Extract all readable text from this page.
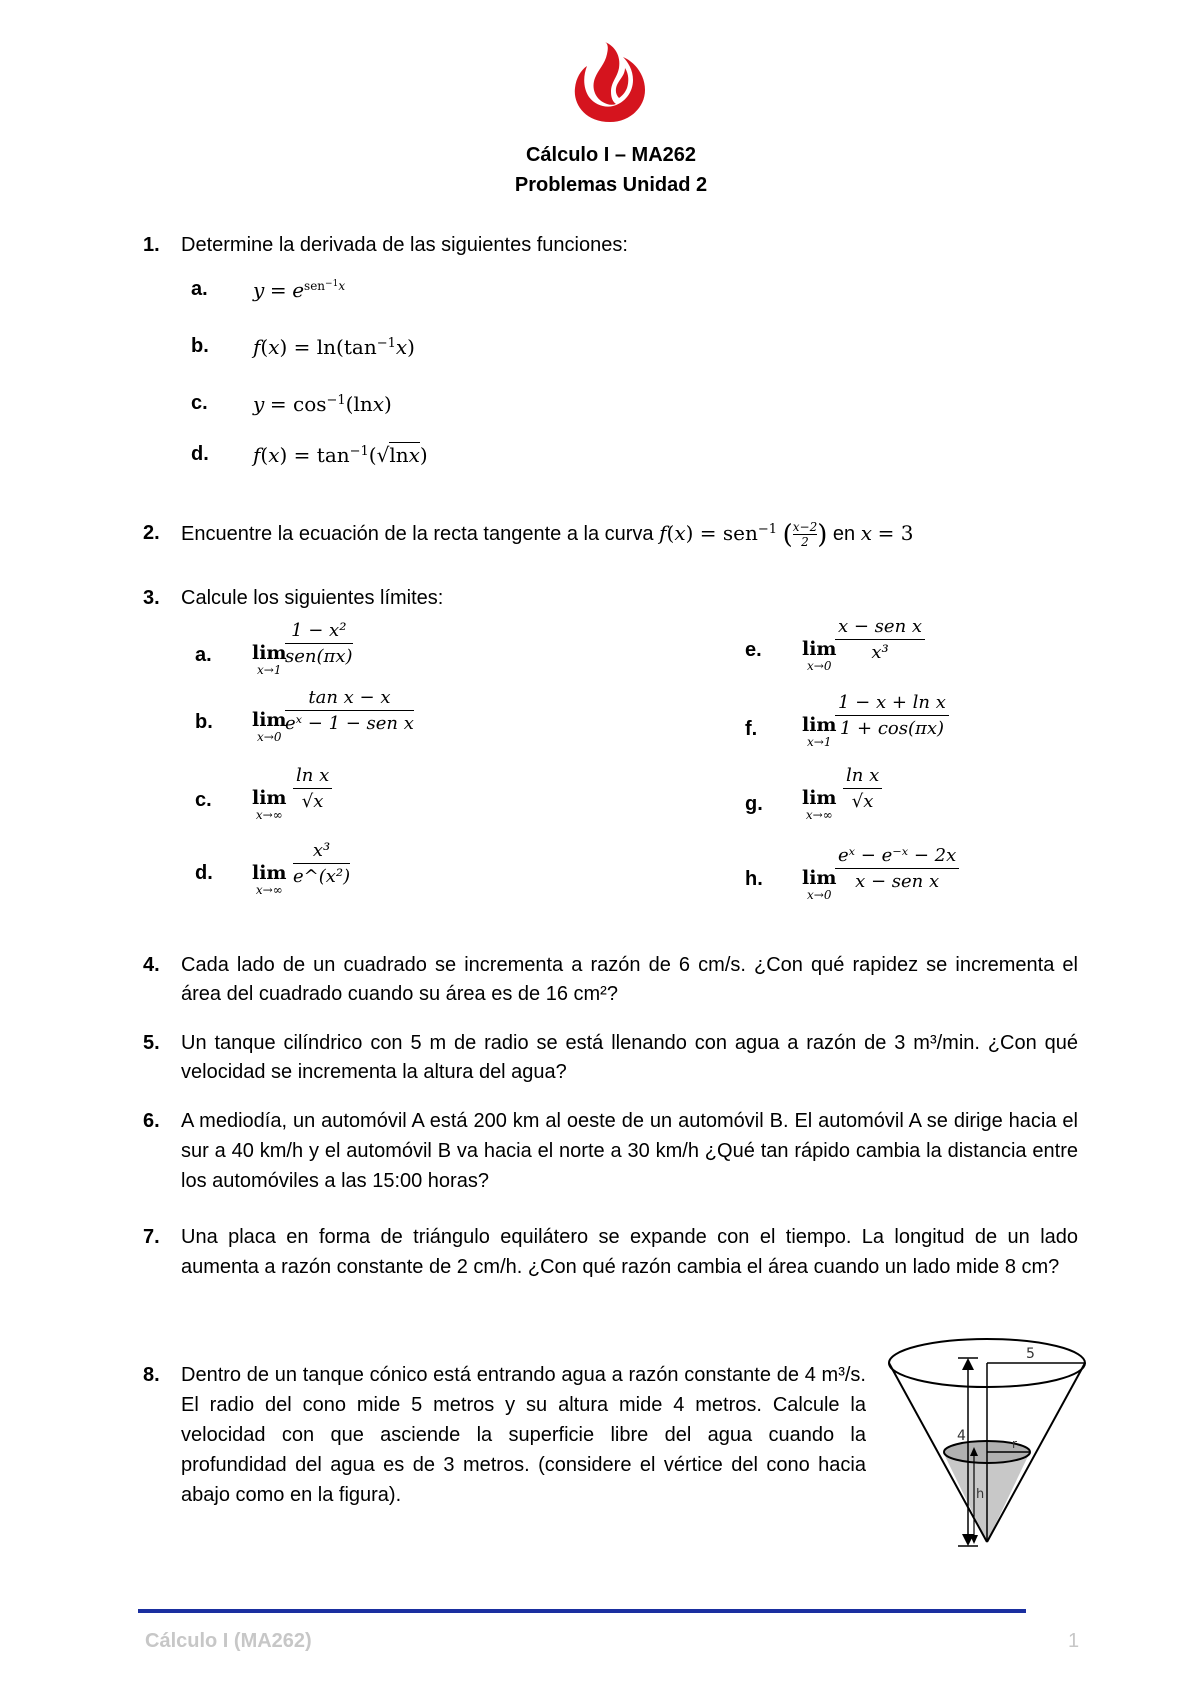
Cálculo I – MA262
Problemas Unidad 2
1. Determine la derivada de las siguientes funciones:
a. $y = e^{sen^{-1}x}$
b. $f(x) = \ln(\tan^{-1}x)$
c. $y = \cos^{-1}(\ln x)$
d. $f(x) = \tan^{-1}(√\ln x)$
2. Encuentre la ecuación de la recta tangente a la curva f(x) = sen$^{-1}$ ( $\frac{x-2}{2}$ ) en x = 3
3. Calcule los siguientes límites:
a. lim
x→1
1 − x²
sen(πx)
b. lim
x→0
tan x − x
eˣ − 1 − sen x
c. lim
x→∞
$\frac{\text{ln x}}{√x}$
d. lim
x→∞
$\frac{\text{x³}}{\text{e\textasciicircum{}(x²)}}$
e. lim
x→0
x − sen x
x³
f. lim
x→1
$\frac{\text{1 − x + ln x}}{1 + \cos(\pi x)}$
g. lim
x→∞
$\frac{\text{ln x}}{√x}$
h. lim
x→0
eˣ − e⁻ˣ − 2x
x − sen x
4. Cada lado de un cuadrado se incrementa a razón de 6 cm/s. ¿Con qué rapidez se incrementa el área del cuadrado cuando su área es de 16 cm²?
5. Un tanque cilíndrico con 5 m de radio se está llenando con agua a razón de 3 m³/min. ¿Con qué velocidad se incrementa la altura del agua?
6. A mediodía, un automóvil A está 200 km al oeste de un automóvil B. El automóvil A se dirige hacia el sur a 40 km/h y el automóvil B va hacia el norte a 30 km/h ¿Qué tan rápido cambia la distancia entre los automóviles a las 15:00 horas?
7. Una placa en forma de triángulo equilátero se expande con el tiempo. La longitud de un lado aumenta a razón constante de 2 cm/h. ¿Con qué razón cambia el área cuando un lado mide 8 cm?
8. Dentro de un tanque cónico está entrando agua a razón constante de 4 m³/s. El radio del cono mide 5 metros y su altura mide 4 metros. Calcule la velocidad con que asciende la superficie libre del agua cuando la profundidad del agua es de 3 metros. (considere el vértice del cono hacia abajo como en la figura).
5
4	r
h
Cálculo I (MA262)	1
